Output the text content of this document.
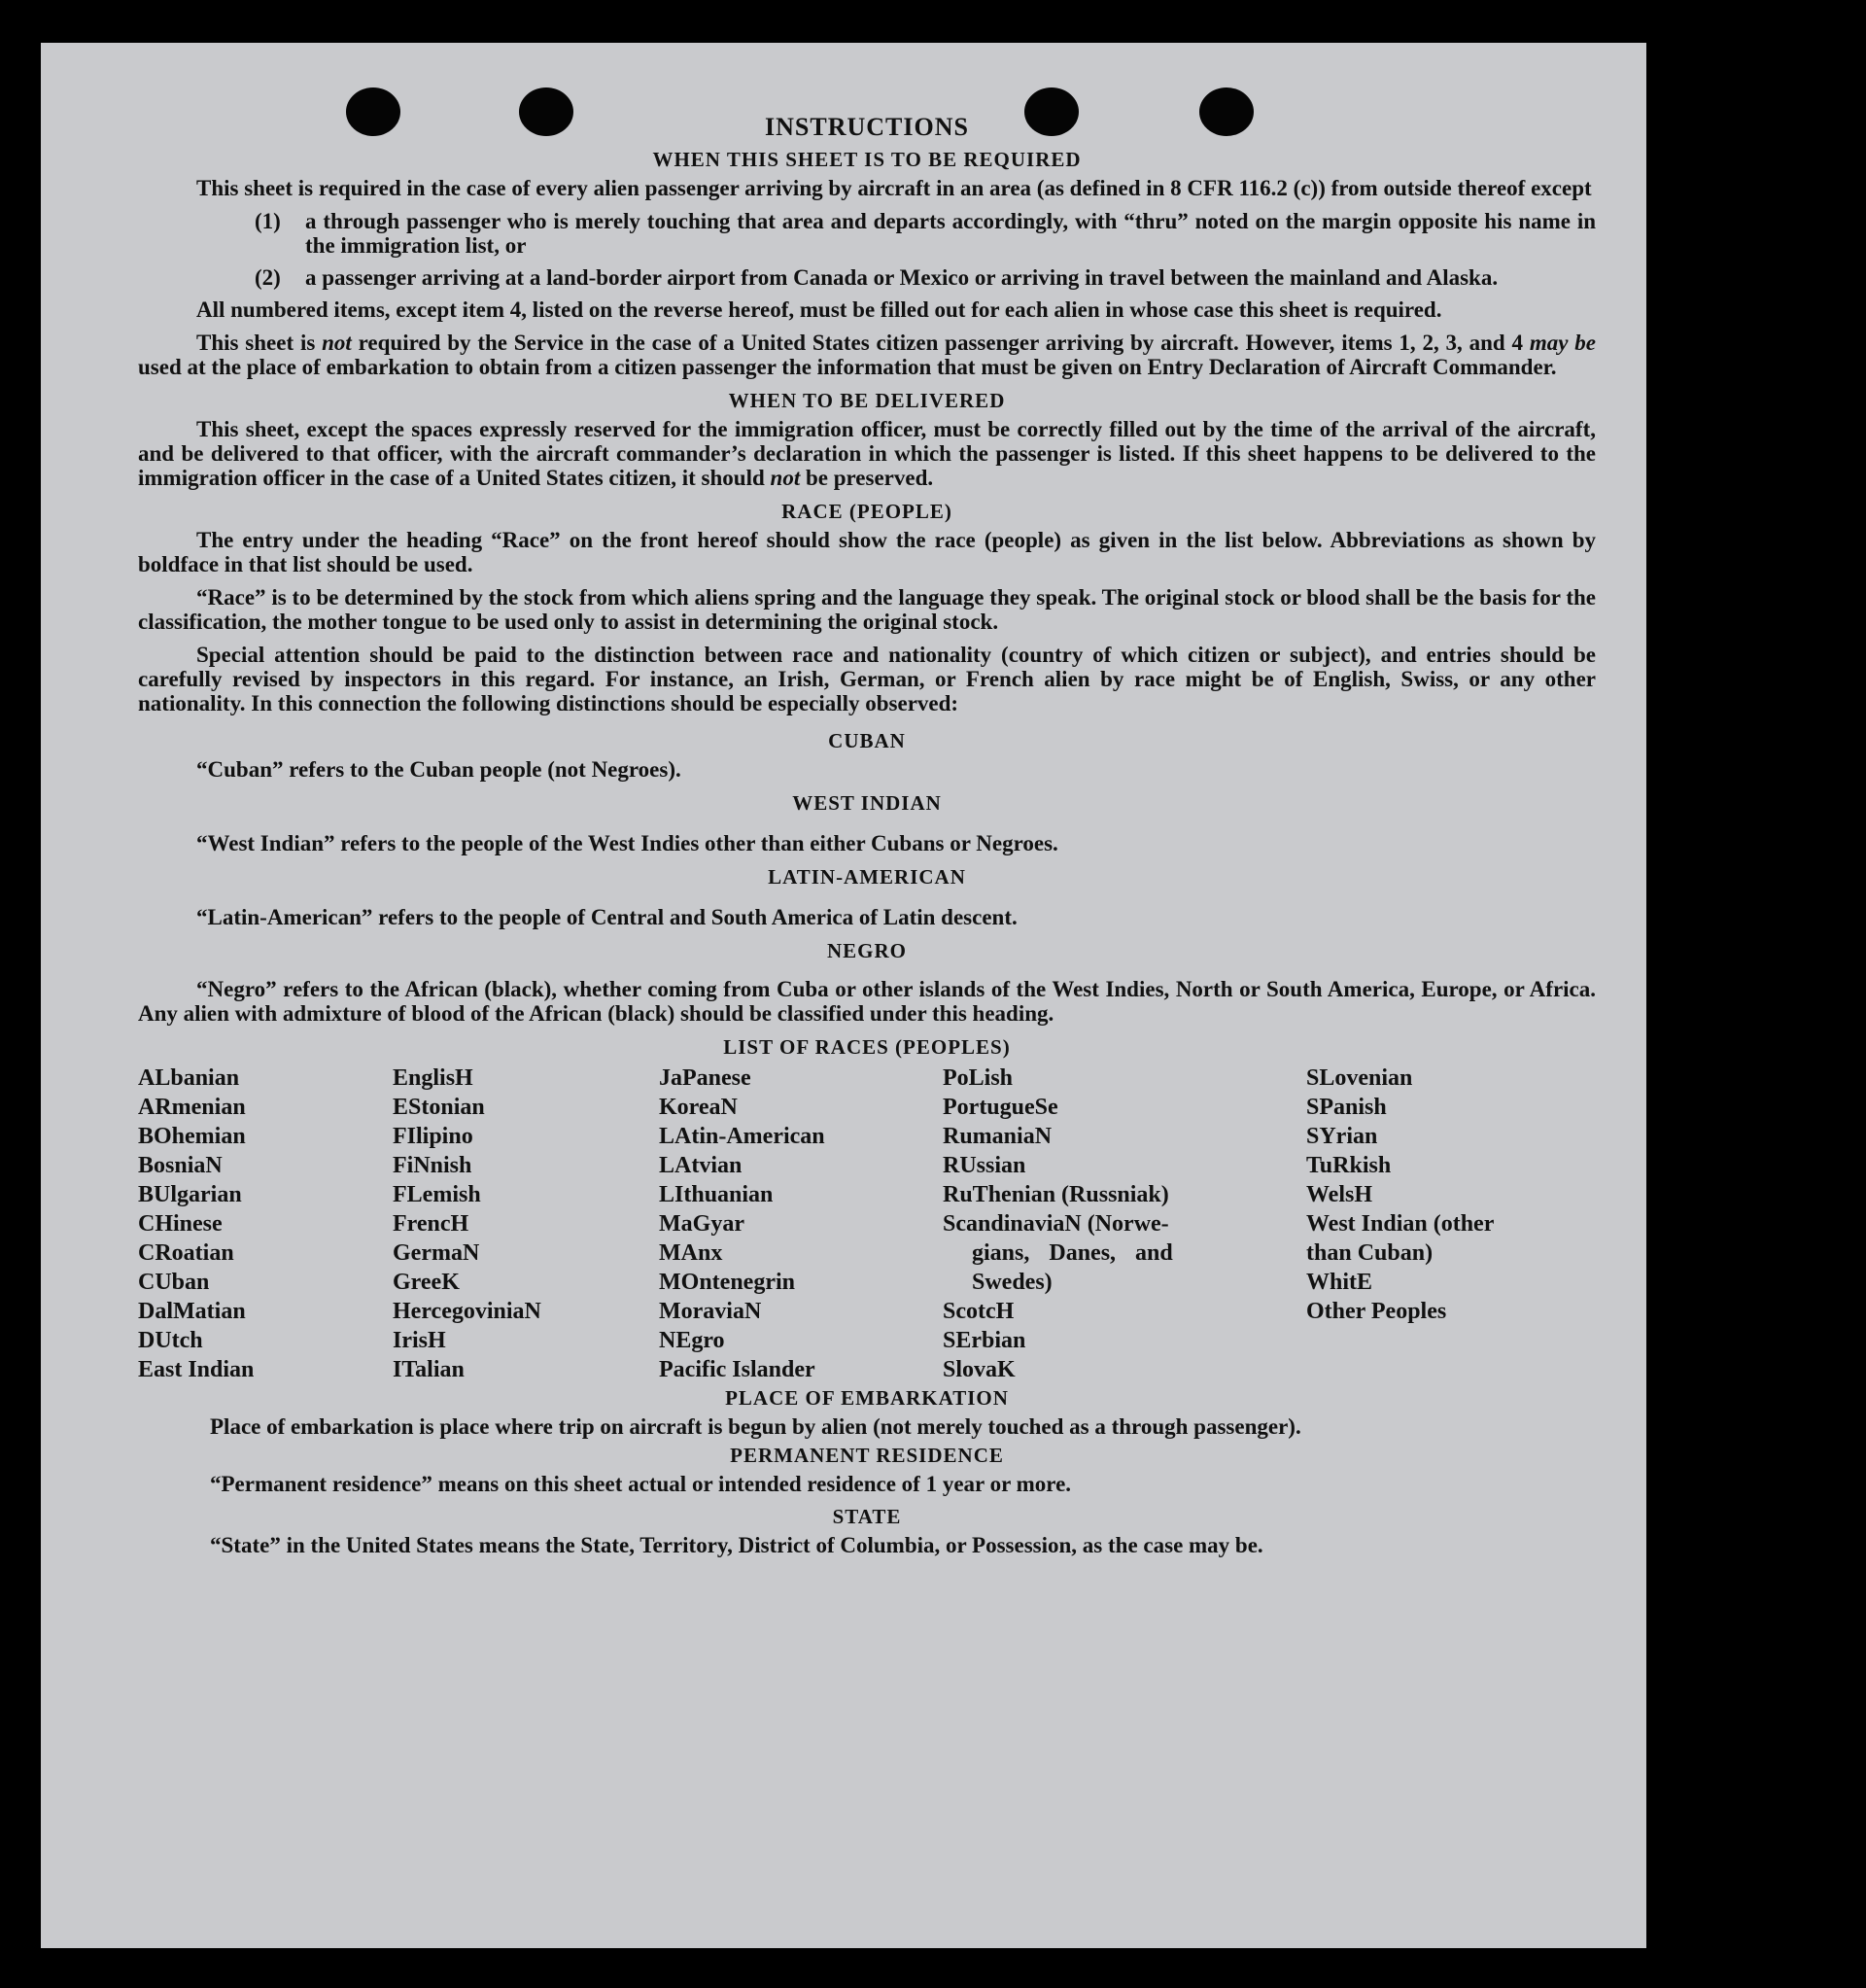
INSTRUCTIONS
WHEN THIS SHEET IS TO BE REQUIRED
This sheet is required in the case of every alien passenger arriving by aircraft in an area (as defined in 8 CFR 116.2 (c)) from outside thereof except
(1)	a through passenger who is merely touching that area and departs accordingly, with “thru” noted on the margin opposite his name in the immigration list, or
(2)	a passenger arriving at a land-border airport from Canada or Mexico or arriving in travel between the mainland and Alaska.
All numbered items, except item 4, listed on the reverse hereof, must be filled out for each alien in whose case this sheet is required.
This sheet is not required by the Service in the case of a United States citizen passenger arriving by aircraft. However, items 1, 2, 3, and 4 may be used at the place of embarkation to obtain from a citizen passenger the information that must be given on Entry Declaration of Aircraft Commander.
WHEN TO BE DELIVERED
This sheet, except the spaces expressly reserved for the immigration officer, must be correctly filled out by the time of the arrival of the aircraft, and be delivered to that officer, with the aircraft commander’s declaration in which the passenger is listed. If this sheet happens to be delivered to the immigration officer in the case of a United States citizen, it should not be preserved.
RACE (PEOPLE)
The entry under the heading “Race” on the front hereof should show the race (people) as given in the list below. Abbreviations as shown by boldface in that list should be used.
“Race” is to be determined by the stock from which aliens spring and the language they speak. The original stock or blood shall be the basis for the classification, the mother tongue to be used only to assist in determining the original stock.
Special attention should be paid to the distinction between race and nationality (country of which citizen or subject), and entries should be carefully revised by inspectors in this regard. For instance, an Irish, German, or French alien by race might be of English, Swiss, or any other nationality. In this connection the following distinctions should be especially observed:
CUBAN
“Cuban” refers to the Cuban people (not Negroes).
WEST INDIAN
“West Indian” refers to the people of the West Indies other than either Cubans or Negroes.
LATIN-AMERICAN
“Latin-American” refers to the people of Central and South America of Latin descent.
NEGRO
“Negro” refers to the African (black), whether coming from Cuba or other islands of the West Indies, North or South America, Europe, or Africa. Any alien with admixture of blood of the African (black) should be classified under this heading.
LIST OF RACES (PEOPLES)
ALbanian
ARmenian
BOhemian
BosniaN
BUlgarian
CHinese
CRoatian
CUban
DalMatian
DUtch
East Indian
EnglisH
EStonian
FIlipino
FiNnish
FLemish
FrencH
GermaN
GreeK
HercegoviniaN
IrisH
ITalian
JaPanese
KoreaN
LAtin-American
LAtvian
LIthuanian
MaGyar
MAnx
MOntenegrin
MoraviaN
NEgro
Pacific Islander
PoLish
PortugueSe
RumaniaN
RUssian
RuThenian (Russniak)
ScandinaviaN (Norwe-
gians, Danes, and
Swedes)
ScotcH
SErbian
SlovaK
SLovenian
SPanish
SYrian
TuRkish
WelsH
West Indian (other
than Cuban)
WhitE
Other Peoples
PLACE OF EMBARKATION
Place of embarkation is place where trip on aircraft is begun by alien (not merely touched as a through passenger).
PERMANENT RESIDENCE
“Permanent residence” means on this sheet actual or intended residence of 1 year or more.
STATE
“State” in the United States means the State, Territory, District of Columbia, or Possession, as the case may be.
